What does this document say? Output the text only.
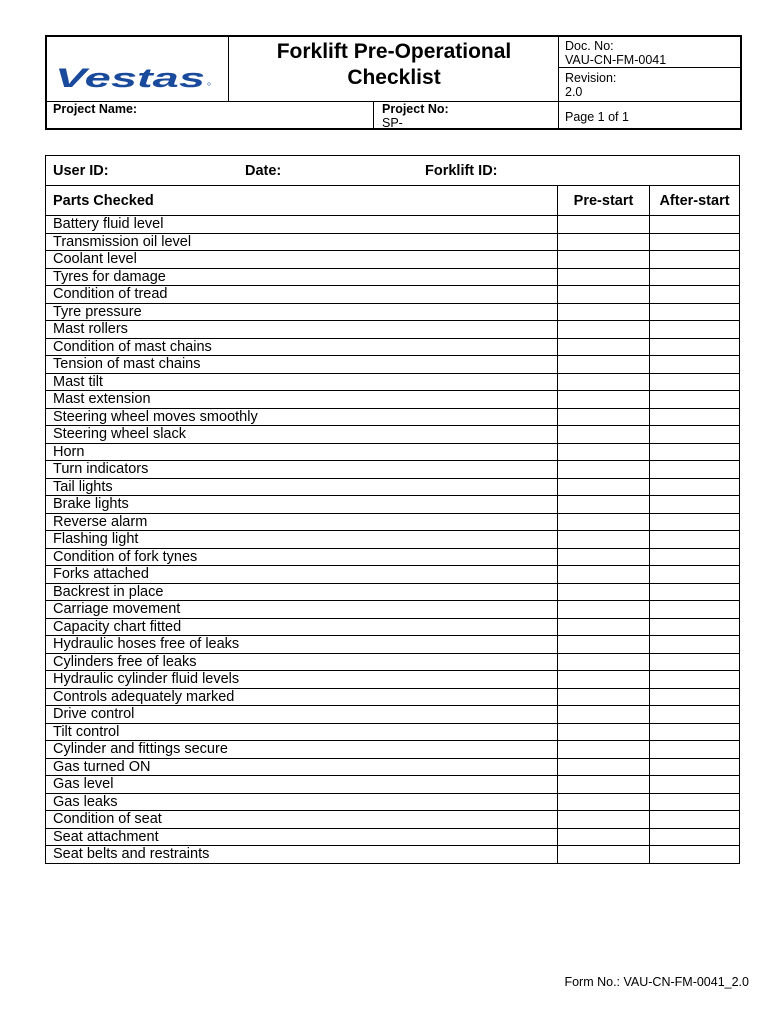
Vestas
Forklift Pre-Operational
Checklist
Doc. No:
VAU-CN-FM-0041
Revision:
2.0
Page 1 of 1
Project Name:	Project No:
SP-
User ID: Date: Forklift ID:		

Parts Checked	Pre-start	After-start
Battery fluid level		
Transmission oil level		
Coolant level		
Tyres for damage		
Condition of tread		
Tyre pressure		
Mast rollers		
Condition of mast chains		
Tension of mast chains		
Mast tilt		
Mast extension		
Steering wheel moves smoothly		
Steering wheel slack		
Horn		
Turn indicators		
Tail lights		
Brake lights		
Reverse alarm		
Flashing light		
Condition of fork tynes		
Forks attached		
Backrest in place		
Carriage movement		
Capacity chart fitted		
Hydraulic hoses free of leaks		
Cylinders free of leaks		
Hydraulic cylinder fluid levels		
Controls adequately marked		
Drive control		
Tilt control		
Cylinder and fittings secure		
Gas turned ON		
Gas level		
Gas leaks		
Condition of seat		
Seat attachment		
Seat belts and restraints		
Form No.: VAU-CN-FM-0041_2.0
